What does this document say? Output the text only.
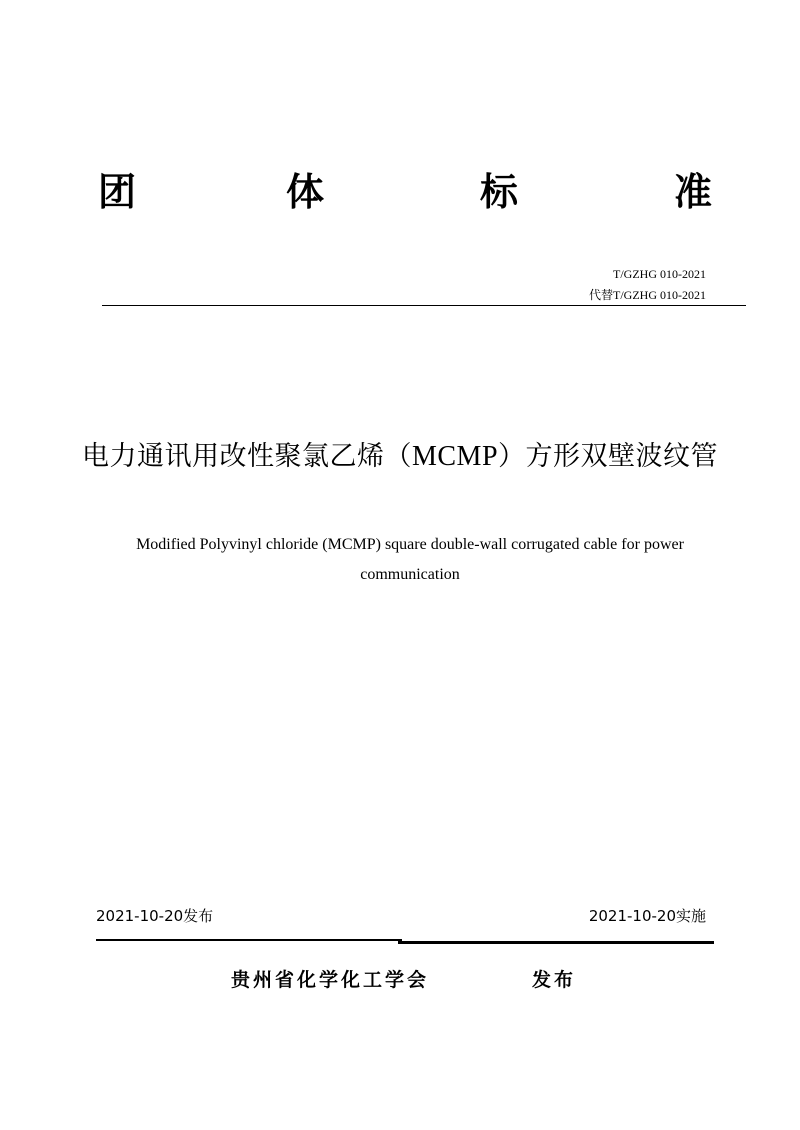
团	体	标	准
T/GZHG 010-2021
代替T/GZHG 010-2021
电力通讯用改性聚氯乙烯（MCMP）方形双壁波纹管
Modified Polyvinyl chloride (MCMP) square double-wall corrugated cable for power
communication
2021-10-20发布	2021-10-20实施
贵州省化学化工学会	发布
